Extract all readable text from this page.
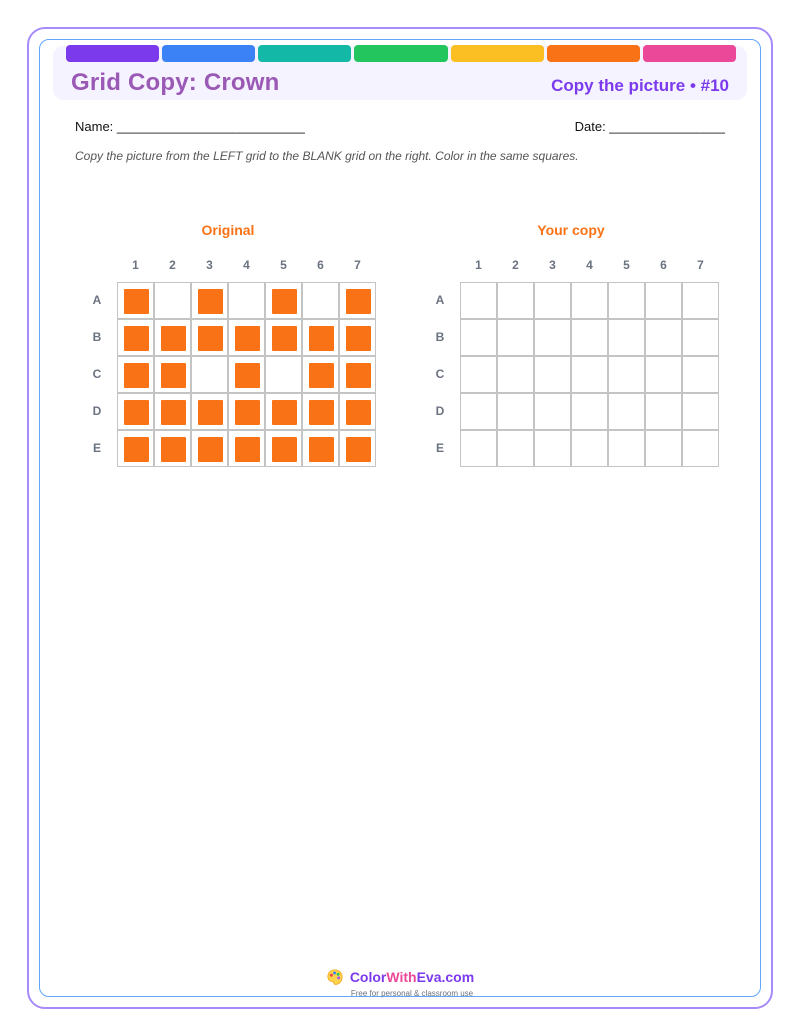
Grid Copy: Crown	Copy the picture • #10
Name: __________________________	Date: ________________

Copy the picture from the LEFT grid to the BLANK grid on the right. Color in the same squares.

Original	Your copy
1	2	3	4	5	6	7
A
B
C
D
E
1	2	3	4	5	6	7
A
B
C
D
E
ColorWithEva.com
Free for personal & classroom use
